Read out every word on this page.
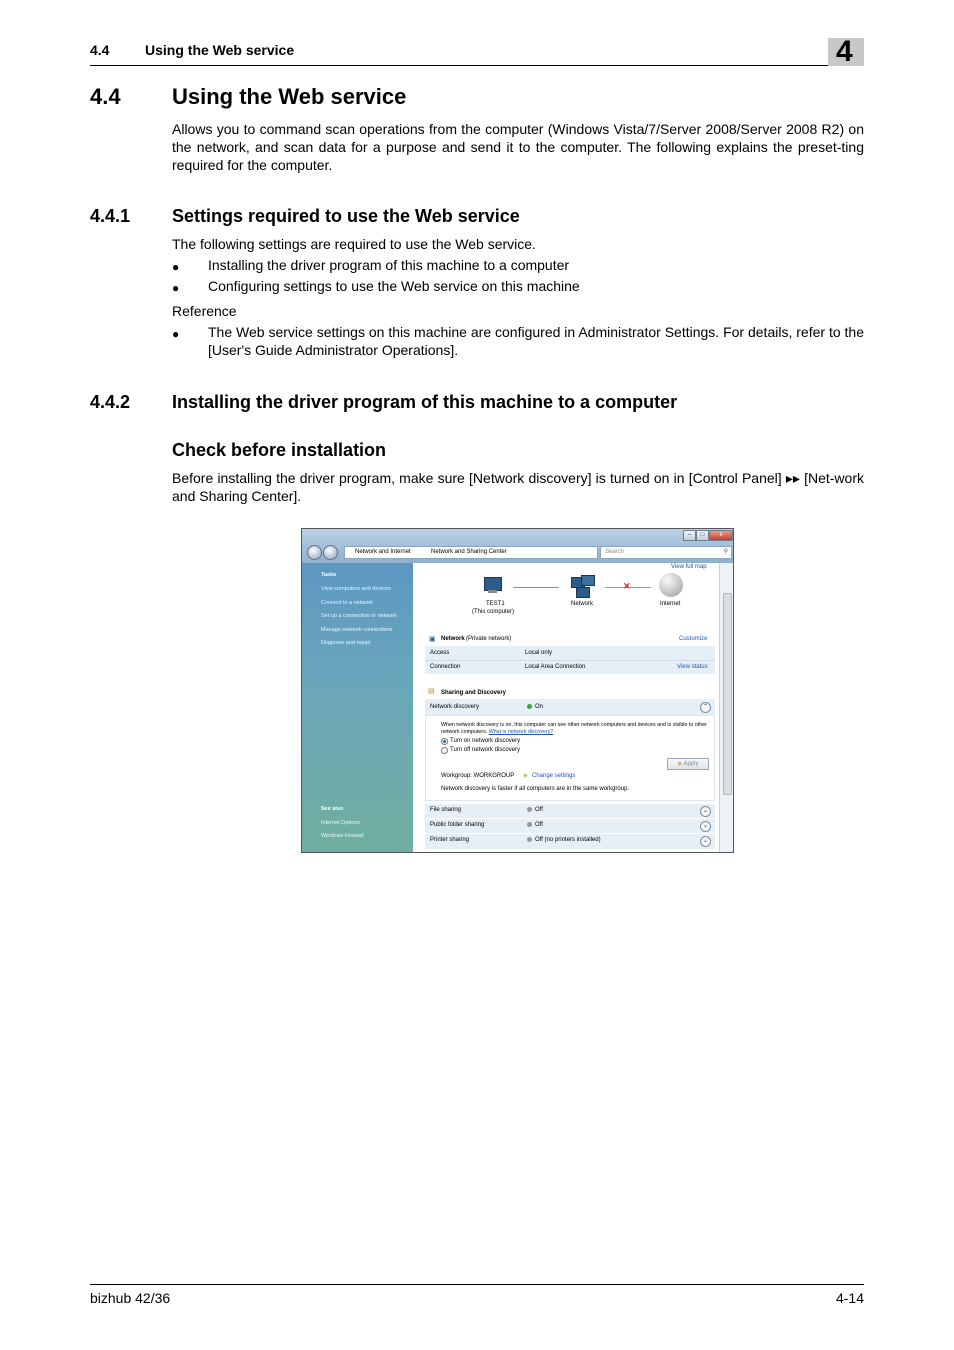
4.4	Using the Web service	4
4.4 Using the Web service

Allows you to command scan operations from the computer (Windows Vista/7/Server 2008/Server 2008 R2) on the network, and scan data for a purpose and send it to the computer. The following explains the preset-ting required for the computer.

4.4.1 Settings required to use the Web service
The following settings are required to use the Web service.
● Installing the driver program of this machine to a computer
● Configuring settings to use the Web service on this machine
Reference
● The Web service settings on this machine are configured in Administrator Settings. For details, refer to the [User's Guide Administrator Operations].
4.4.2 Installing the driver program of this machine to a computer
Check before installation

Before installing the driver program, make sure [Network discovery] is turned on in [Control Panel] ▸▸ [Net-work and Sharing Center].

–	□	x
Network and Internet	Network and Sharing Center	Search	⚲
Tasks
View computers and devices
Connect to a network
Set up a connection or network
Manage network connections
Diagnose and repair
See also
Internet Options
Windows Firewall
View full map
TEST1
(This computer)
Network
✕
Internet
▣ Network (Private network)	Customize
Access	Local only
Connection	Local Area Connection	View status
▤ Sharing and Discovery
Network discovery	On	⌃
When network discovery is on, this computer can see other network computers and devices and is visible to other network computers. What is network discovery?
Turn on network discovery
Turn off network discovery
◈ Apply
Workgroup: WORKGROUP ◈ Change settings
Network discovery is faster if all computers are in the same workgroup.
File sharing	Off	⌄
Public folder sharing	Off	⌄
Printer sharing	Off (no printers installed)	⌄
bizhub 42/36	4-14
